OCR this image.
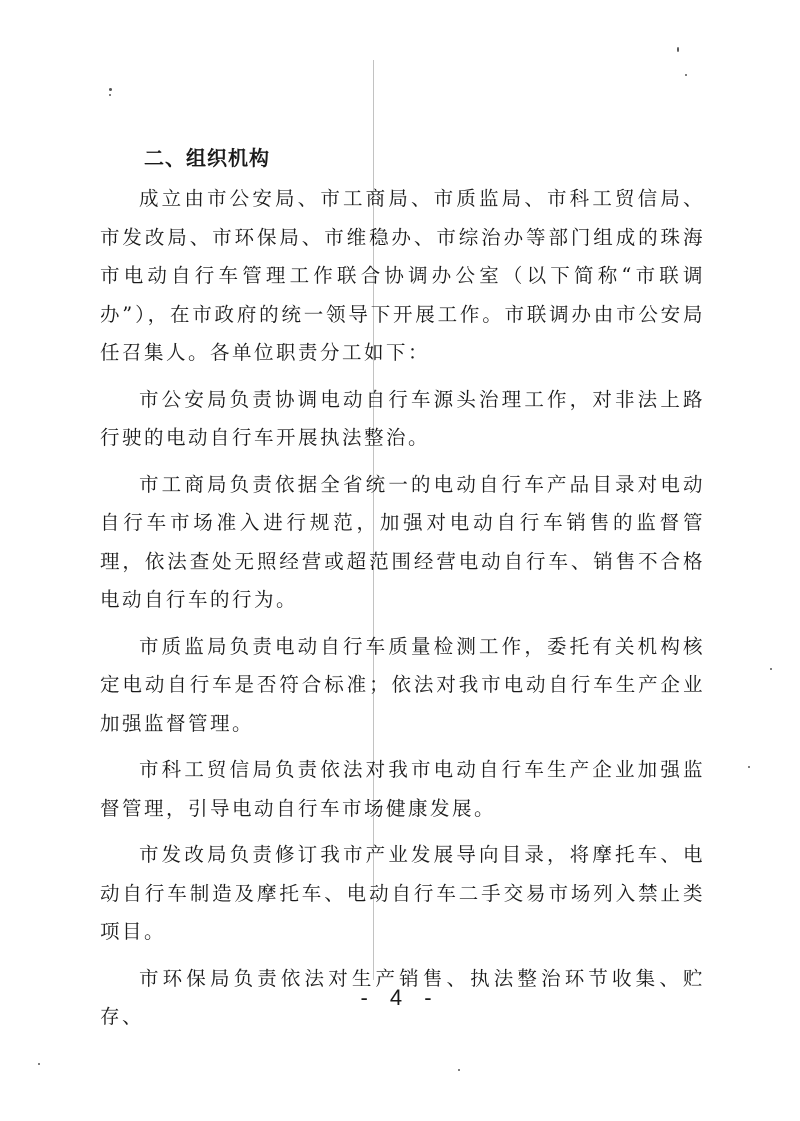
二、组织机构

成立由市公安局、市工商局、市质监局、市科工贸信局、市发改局、市环保局、市维稳办、市综治办等部门组成的珠海市电动自行车管理工作联合协调办公室（以下简称“市联调办”），在市政府的统一领导下开展工作。市联调办由市公安局任召集人。各单位职责分工如下：

市公安局负责协调电动自行车源头治理工作，对非法上路行驶的电动自行车开展执法整治。

市工商局负责依据全省统一的电动自行车产品目录对电动自行车市场准入进行规范，加强对电动自行车销售的监督管理，依法查处无照经营或超范围经营电动自行车、销售不合格电动自行车的行为。

市质监局负责电动自行车质量检测工作，委托有关机构核定电动自行车是否符合标准；依法对我市电动自行车生产企业加强监督管理。

市科工贸信局负责依法对我市电动自行车生产企业加强监督管理，引导电动自行车市场健康发展。

市发改局负责修订我市产业发展导向目录，将摩托车、电动自行车制造及摩托车、电动自行车二手交易市场列入禁止类项目。

市环保局负责依法对生产销售、执法整治环节收集、贮存、

- 4 -
